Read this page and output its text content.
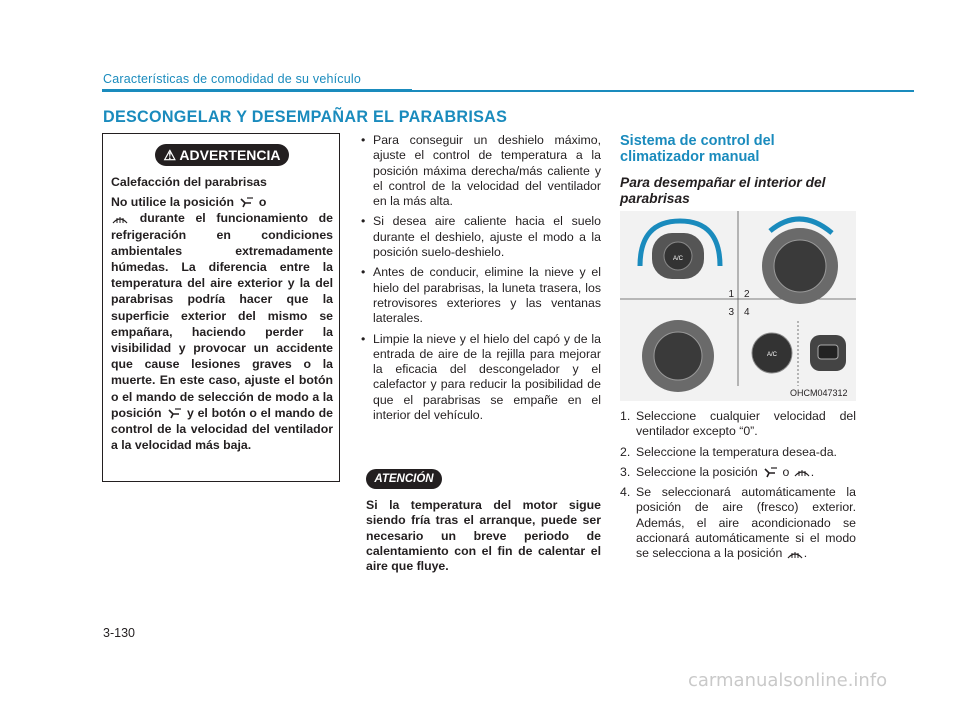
Características de comodidad de su vehículo
DESCONGELAR Y DESEMPAÑAR EL PARABRISAS
⚠ ADVERTENCIA

Calefacción del parabrisas

No utilice la posición o
durante el funcionamiento de refrigeración en condiciones ambientales extremadamente húmedas. La diferencia entre la temperatura del aire exterior y la del parabrisas podría hacer que la superficie exterior del mismo se empañara, haciendo perder la visibilidad y provocar un accidente que cause lesiones graves o la muerte. En este caso, ajuste el botón o el mando de selección de modo a la posición y el botón o el mando de control de la velocidad del ventilador a la velocidad más baja.

• Para conseguir un deshielo máximo, ajuste el control de temperatura a la posición máxima derecha/más caliente y el control de la velocidad del ventilador en la más alta.
• Si desea aire caliente hacia el suelo durante el deshielo, ajuste el modo a la posición suelo-deshielo.
• Antes de conducir, elimine la nieve y el hielo del parabrisas, la luneta trasera, los retrovisores exteriores y las ventanas laterales.
• Limpie la nieve y el hielo del capó y de la entrada de aire de la rejilla para mejorar la eficacia del descongelador y el calefactor y para reducir la posibilidad de que el parabrisas se empañe en el interior del vehículo.
ATENCIÓN
Si la temperatura del motor sigue siendo fría tras el arranque, puede ser necesario un breve periodo de calentamiento con el fin de calentar el aire que fluye.

Sistema de control del climatizador manual

Para desempañar el interior del parabrisas

A/C
1 2
3 4
A/C
OHCM047312
1. Seleccione cualquier velocidad del ventilador excepto “0”.
2. Seleccione la temperatura desea-da.
3. Seleccione la posición o .
4. Se seleccionará automáticamente la posición de aire (fresco) exterior. Además, el aire acondicionado se accionará automáticamente si el modo se selecciona a la posición .
3-130
carmanualsonline.info
